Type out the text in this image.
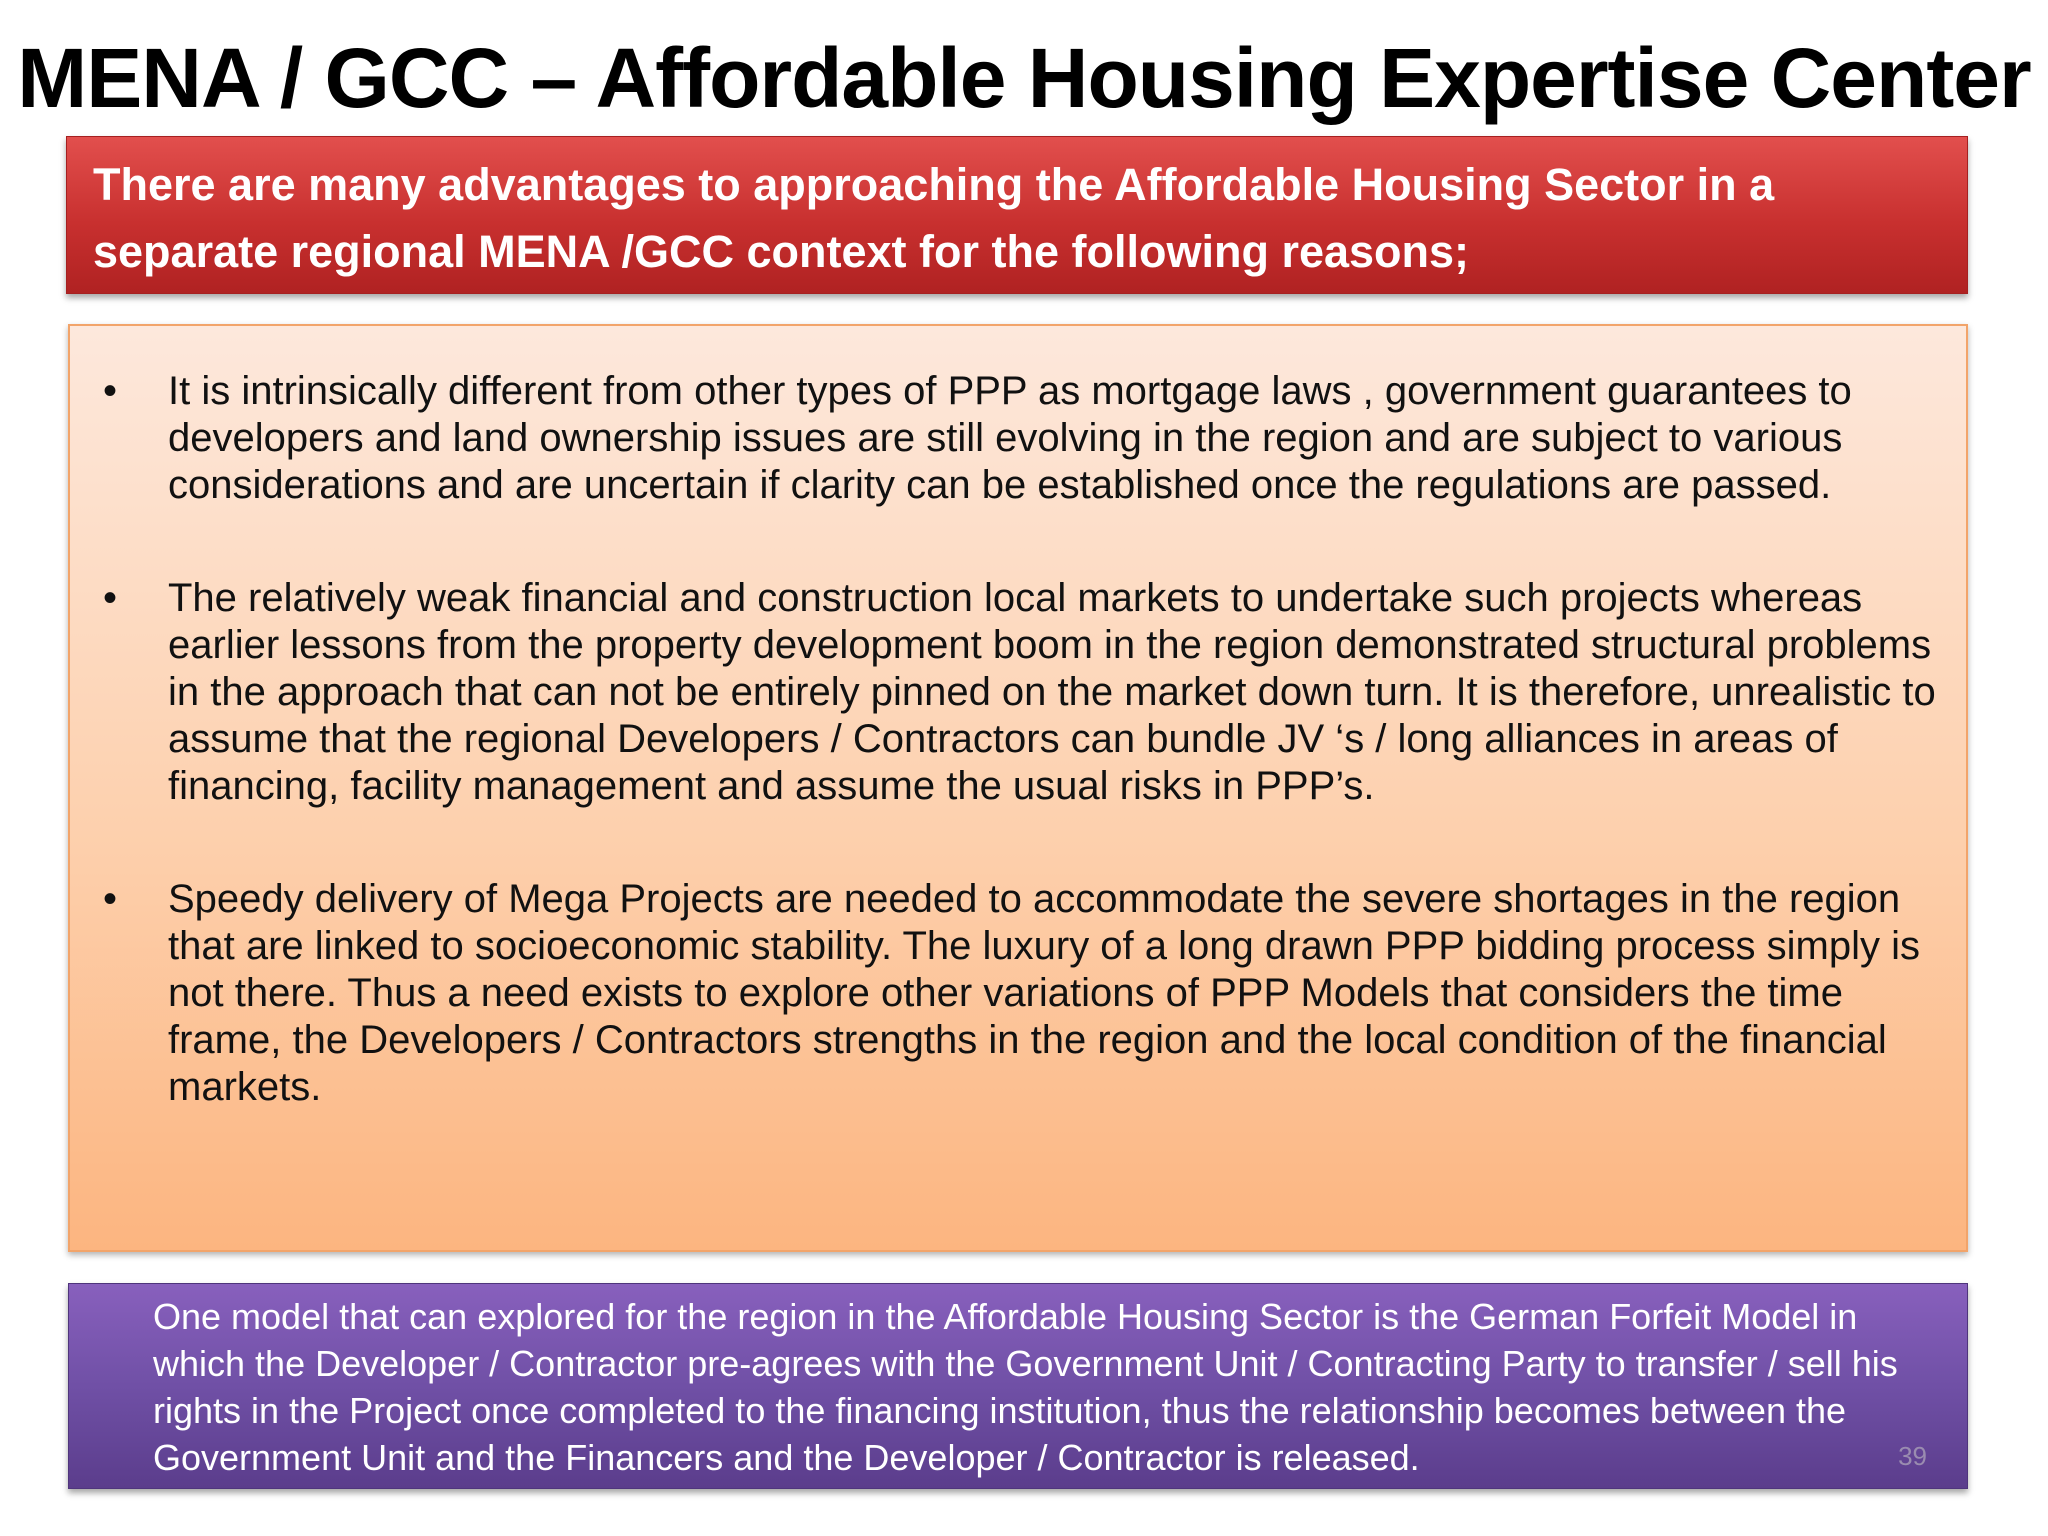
MENA / GCC – Affordable Housing Expertise Center
There are many advantages to approaching the Affordable Housing Sector in a separate regional MENA /GCC context for the following reasons;
•	It is intrinsically different from other types of PPP as mortgage laws , government guarantees to developers and land ownership issues are still evolving in the region and are subject to various considerations and are uncertain if clarity can be established once the regulations are passed.
•	The relatively weak financial and construction local markets to undertake such projects whereas earlier lessons from the property development boom in the region demonstrated structural problems in the approach that can not be entirely pinned on the market down turn. It is therefore, unrealistic to assume that the regional Developers / Contractors can bundle JV ‘s / long alliances in areas of financing, facility management and assume the usual risks in PPP’s.
•	Speedy delivery of Mega Projects are needed to accommodate the severe shortages in the region that are linked to socioeconomic stability. The luxury of a long drawn PPP bidding process simply is not there. Thus a need exists to explore other variations of PPP Models that considers the time frame, the Developers / Contractors strengths in the region and the local condition of the financial markets.
One model that can explored for the region in the Affordable Housing Sector is the German Forfeit Model in which the Developer / Contractor pre-agrees with the Government Unit / Contracting Party to transfer / sell his rights in the Project once completed to the financing institution, thus the relationship becomes between the Government Unit and the Financers and the Developer / Contractor is released.	39
